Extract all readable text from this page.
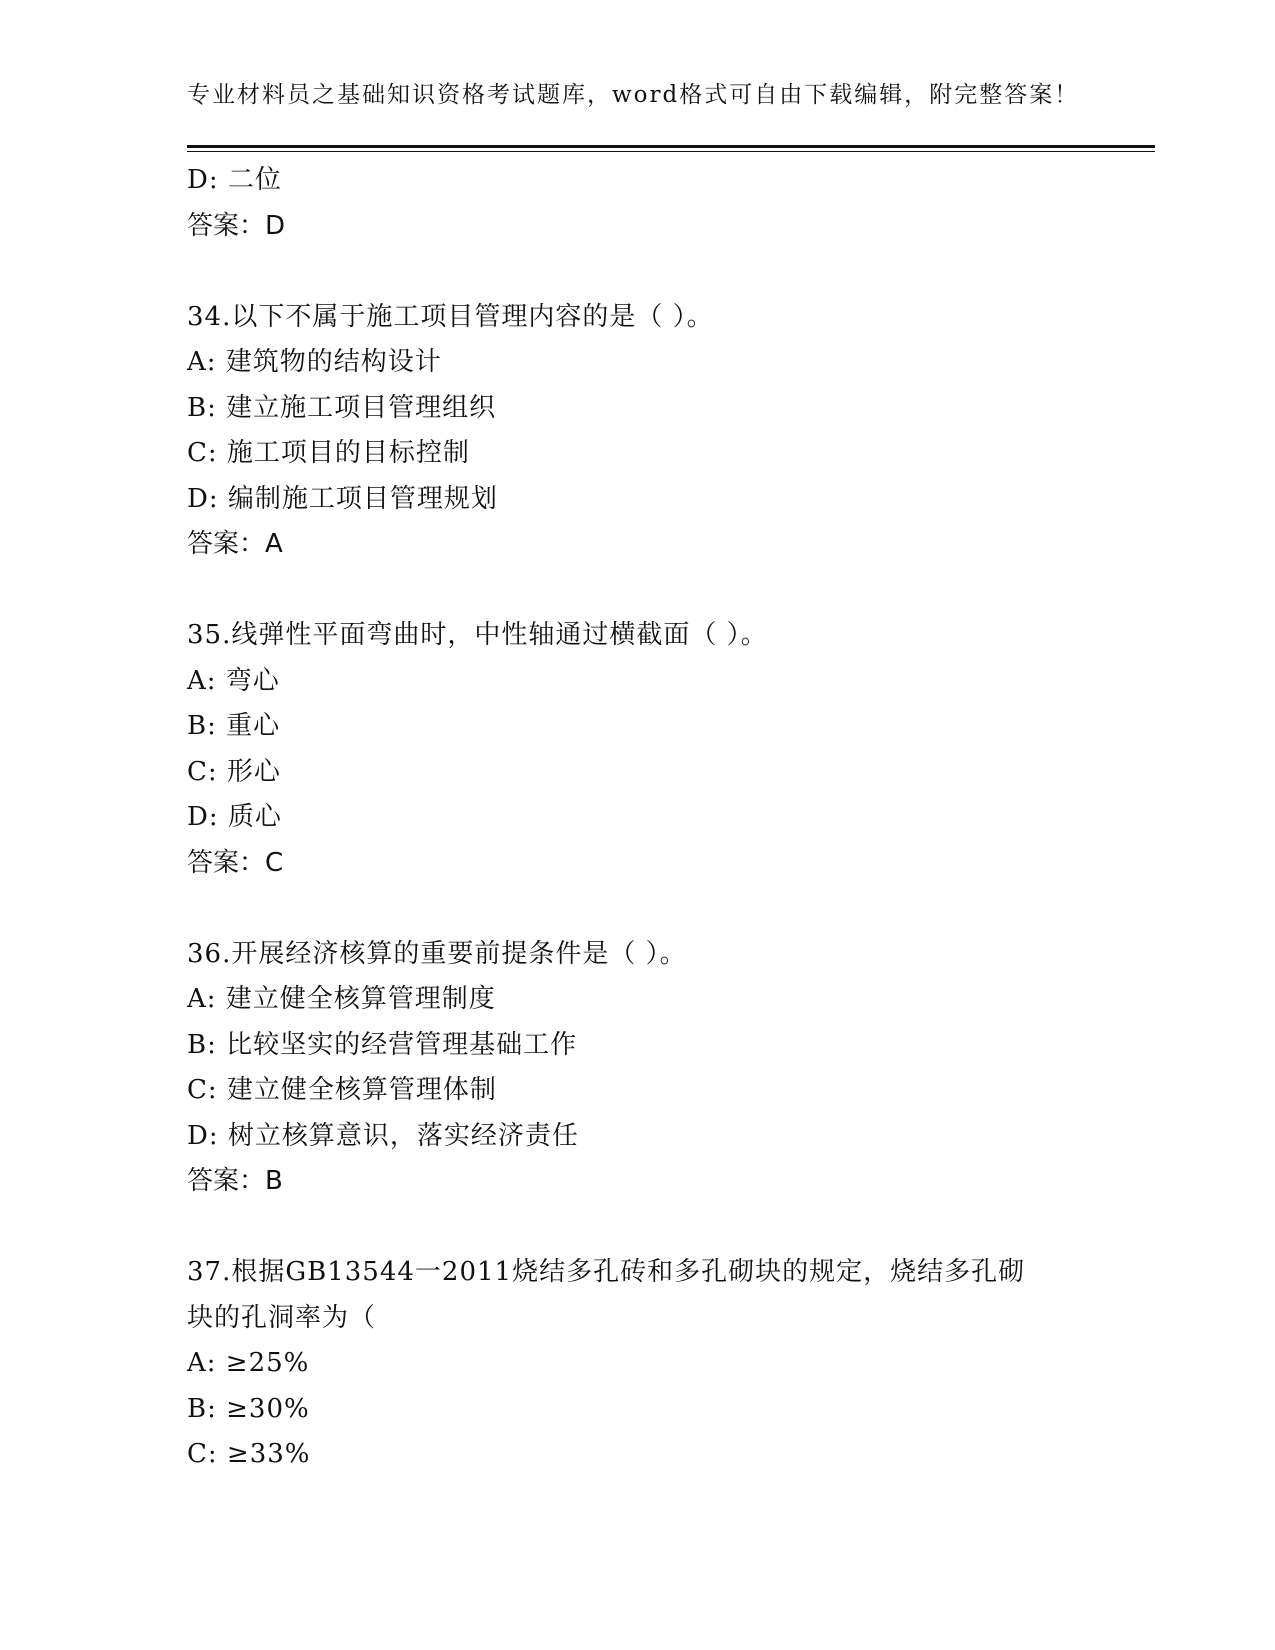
专业材料员之基础知识资格考试题库，word格式可自由下载编辑，附完整答案！
D: 二位
答案：D
34.以下不属于施工项目管理内容的是（ ）。
A: 建筑物的结构设计
B: 建立施工项目管理组织
C: 施工项目的目标控制
D: 编制施工项目管理规划
答案：A
35.线弹性平面弯曲时，中性轴通过横截面（ ）。
A: 弯心
B: 重心
C: 形心
D: 质心
答案：C
36.开展经济核算的重要前提条件是（ ）。
A: 建立健全核算管理制度
B: 比较坚实的经营管理基础工作
C: 建立健全核算管理体制
D: 树立核算意识，落实经济责任
答案：B
37.根据GB13544一2011烧结多孔砖和多孔砌块的规定，烧结多孔砌
块的孔洞率为（
A: ≥25%
B: ≥30%
C: ≥33%
